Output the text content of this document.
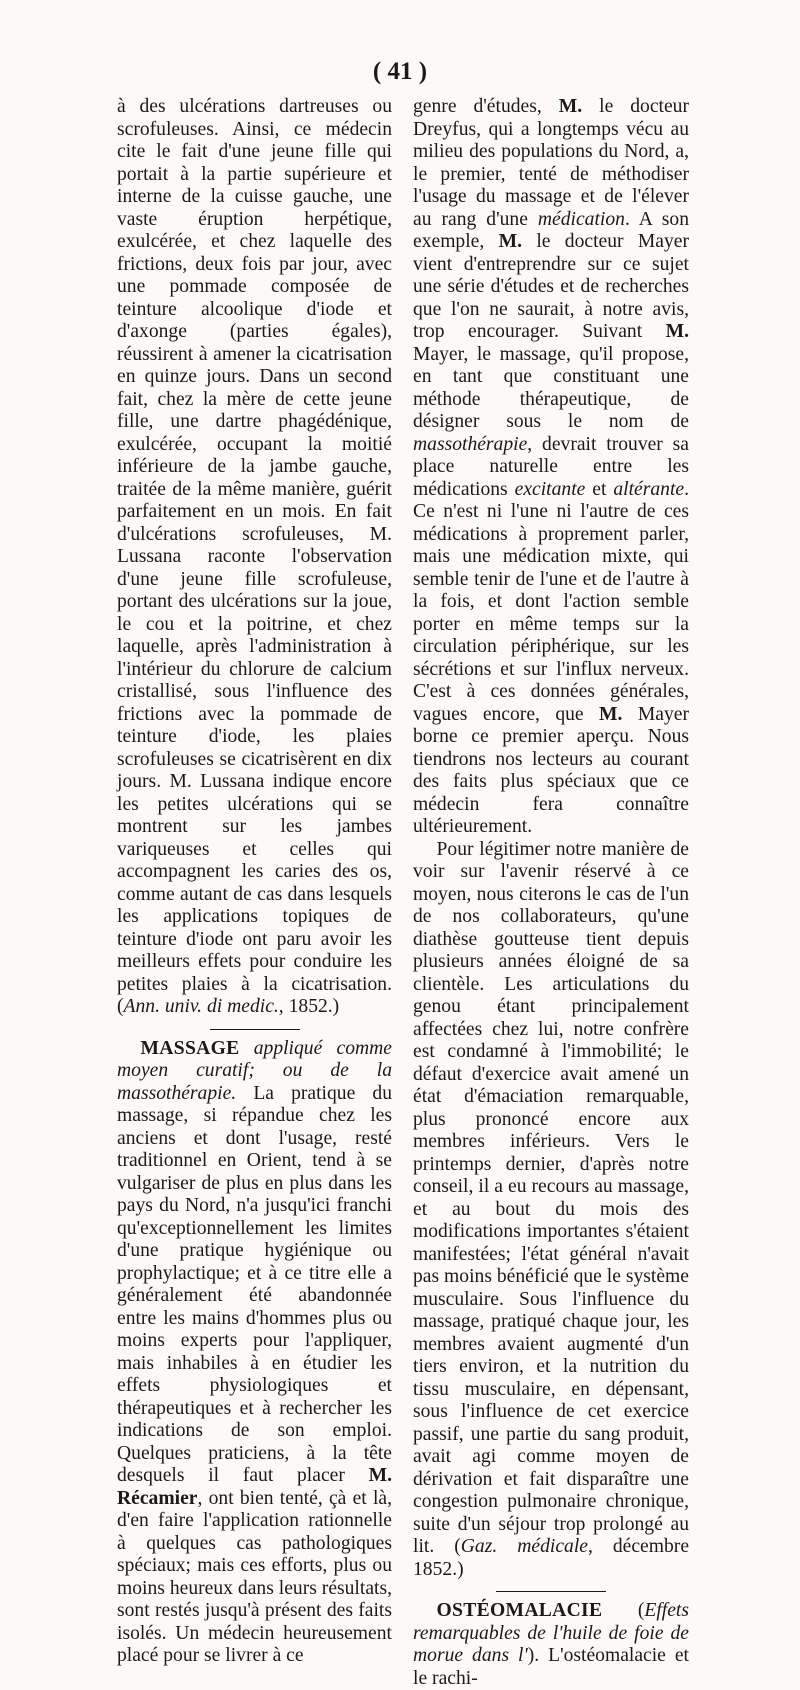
( 41 )

à des ulcérations dartreuses ou scrofuleuses. Ainsi, ce médecin cite le fait d'une jeune fille qui portait à la partie supérieure et interne de la cuisse gauche, une vaste éruption herpétique, exulcérée, et chez laquelle des frictions, deux fois par jour, avec une pommade composée de teinture alcoolique d'iode et d'axonge (parties égales), réussirent à amener la cicatrisation en quinze jours. Dans un second fait, chez la mère de cette jeune fille, une dartre phagédénique, exulcérée, occupant la moitié inférieure de la jambe gauche, traitée de la même manière, guérit parfaitement en un mois. En fait d'ulcérations scrofuleuses, M. Lussana raconte l'observation d'une jeune fille scrofuleuse, portant des ulcérations sur la joue, le cou et la poitrine, et chez laquelle, après l'administration à l'intérieur du chlorure de calcium cristallisé, sous l'influence des frictions avec la pommade de teinture d'iode, les plaies scrofuleuses se cicatrisèrent en dix jours. M. Lussana indique encore les petites ulcérations qui se montrent sur les jambes variqueuses et celles qui accompagnent les caries des os, comme autant de cas dans lesquels les applications topiques de teinture d'iode ont paru avoir les meilleurs effets pour conduire les petites plaies à la cicatrisation. (Ann. univ. di medic., 1852.)

MASSAGE appliqué comme moyen curatif; ou de la massothérapie. La pratique du massage, si répandue chez les anciens et dont l'usage, resté traditionnel en Orient, tend à se vulgariser de plus en plus dans les pays du Nord, n'a jusqu'ici franchi qu'exceptionnellement les limites d'une pratique hygiénique ou prophylactique; et à ce titre elle a généralement été abandonnée entre les mains d'hommes plus ou moins experts pour l'appliquer, mais inhabiles à en étudier les effets physiologiques et thérapeutiques et à rechercher les indications de son emploi. Quelques praticiens, à la tête desquels il faut placer M. Récamier, ont bien tenté, çà et là, d'en faire l'application rationnelle à quelques cas pathologiques spéciaux; mais ces efforts, plus ou moins heureux dans leurs résultats, sont restés jusqu'à présent des faits isolés. Un médecin heureusement placé pour se livrer à ce

genre d'études, M. le docteur Dreyfus, qui a longtemps vécu au milieu des populations du Nord, a, le premier, tenté de méthodiser l'usage du massage et de l'élever au rang d'une médication. A son exemple, M. le docteur Mayer vient d'entreprendre sur ce sujet une série d'études et de recherches que l'on ne saurait, à notre avis, trop encourager. Suivant M. Mayer, le massage, qu'il propose, en tant que constituant une méthode thérapeutique, de désigner sous le nom de massothérapie, devrait trouver sa place naturelle entre les médications excitante et altérante. Ce n'est ni l'une ni l'autre de ces médications à proprement parler, mais une médication mixte, qui semble tenir de l'une et de l'autre à la fois, et dont l'action semble porter en même temps sur la circulation périphérique, sur les sécrétions et sur l'influx nerveux. C'est à ces données générales, vagues encore, que M. Mayer borne ce premier aperçu. Nous tiendrons nos lecteurs au courant des faits plus spéciaux que ce médecin fera connaître ultérieurement.

Pour légitimer notre manière de voir sur l'avenir réservé à ce moyen, nous citerons le cas de l'un de nos collaborateurs, qu'une diathèse goutteuse tient depuis plusieurs années éloigné de sa clientèle. Les articulations du genou étant principalement affectées chez lui, notre confrère est condamné à l'immobilité; le défaut d'exercice avait amené un état d'émaciation remarquable, plus prononcé encore aux membres inférieurs. Vers le printemps dernier, d'après notre conseil, il a eu recours au massage, et au bout du mois des modifications importantes s'étaient manifestées; l'état général n'avait pas moins bénéficié que le système musculaire. Sous l'influence du massage, pratiqué chaque jour, les membres avaient augmenté d'un tiers environ, et la nutrition du tissu musculaire, en dépensant, sous l'influence de cet exercice passif, une partie du sang produit, avait agi comme moyen de dérivation et fait disparaître une congestion pulmonaire chronique, suite d'un séjour trop prolongé au lit. (Gaz. médicale, décembre 1852.)

OSTÉOMALACIE (Effets remarquables de l'huile de foie de morue dans l'). L'ostéomalacie et le rachi-
